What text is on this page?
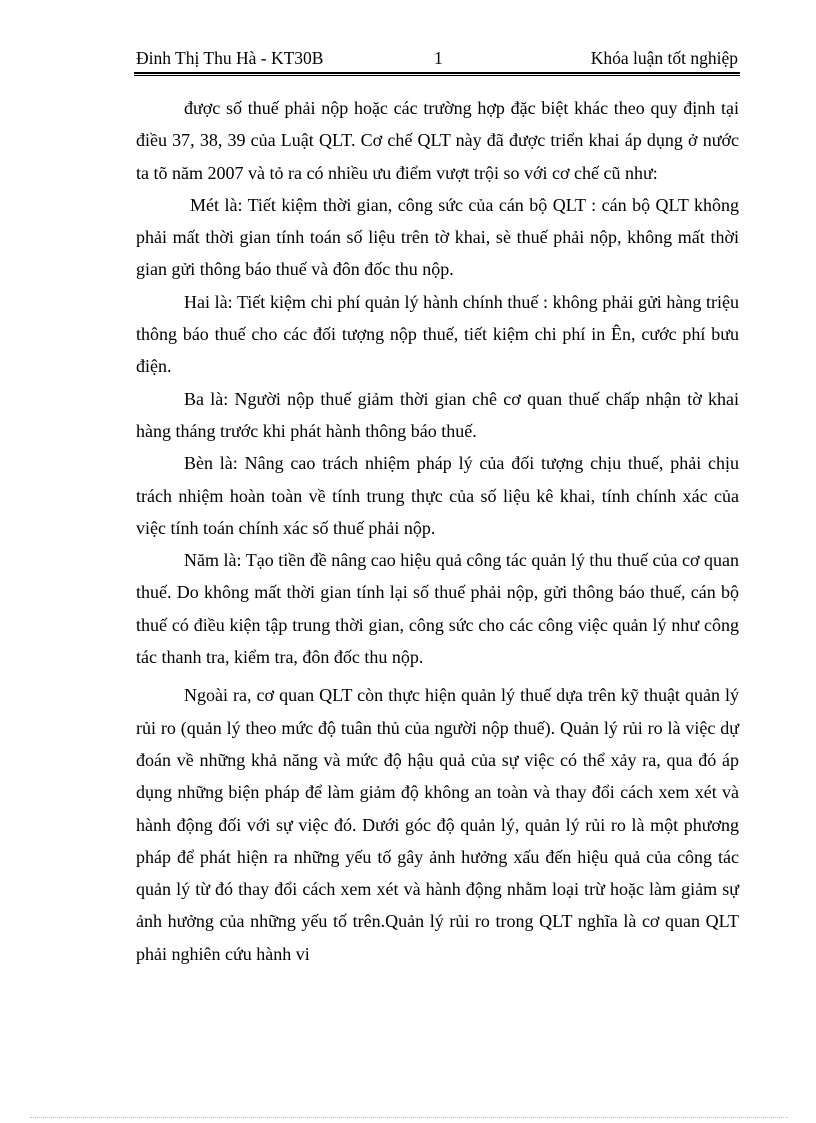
Đinh Thị Thu Hà - KT30B	1	Khóa luận tốt nghiệp

được số thuế phải nộp hoặc các trường hợp đặc biệt khác theo quy định tại điều 37, 38, 39 của Luật QLT. Cơ chế QLT này đã được triển khai áp dụng ở nước ta tõ năm 2007 và tỏ ra có nhiều ưu điểm vượt trội so với cơ chế cũ như:

Mét là: Tiết kiệm thời gian, công sức của cán bộ QLT : cán bộ QLT không phải mất thời gian tính toán số liệu trên tờ khai, sè thuế phải nộp, không mất thời gian gửi thông báo thuế và đôn đốc thu nộp.

Hai là: Tiết kiệm chi phí quản lý hành chính thuế : không phải gửi hàng triệu thông báo thuế cho các đối tượng nộp thuế, tiết kiệm chi phí in Ên, cước phí bưu điện.

Ba là: Người nộp thuế giảm thời gian chê cơ quan thuế chấp nhận tờ khai hàng tháng trước khi phát hành thông báo thuế.

Bèn là: Nâng cao trách nhiệm pháp lý của đối tượng chịu thuế, phải chịu trách nhiệm hoàn toàn về tính trung thực của số liệu kê khai, tính chính xác của việc tính toán chính xác số thuế phải nộp.

Năm là: Tạo tiền đề nâng cao hiệu quả công tác quản lý thu thuế của cơ quan thuế. Do không mất thời gian tính lại số thuế phải nộp, gửi thông báo thuế, cán bộ thuế có điều kiện tập trung thời gian, công sức cho các công việc quản lý như công tác thanh tra, kiểm tra, đôn đốc thu nộp.

Ngoài ra, cơ quan QLT còn thực hiện quản lý thuế dựa trên kỹ thuật quản lý rủi ro (quản lý theo mức độ tuân thủ của người nộp thuế). Quản lý rủi ro là việc dự đoán về những khả năng và mức độ hậu quả của sự việc có thể xảy ra, qua đó áp dụng những biện pháp để làm giảm độ không an toàn và thay đổi cách xem xét và hành động đối với sự việc đó. Dưới góc độ quản lý, quản lý rủi ro là một phương pháp để phát hiện ra những yếu tố gây ảnh hưởng xấu đến hiệu quả của công tác quản lý từ đó thay đổi cách xem xét và hành động nhằm loại trừ hoặc làm giảm sự ảnh hưởng của những yếu tố trên.Quản lý rủi ro trong QLT nghĩa là cơ quan QLT phải nghiên cứu hành vi
